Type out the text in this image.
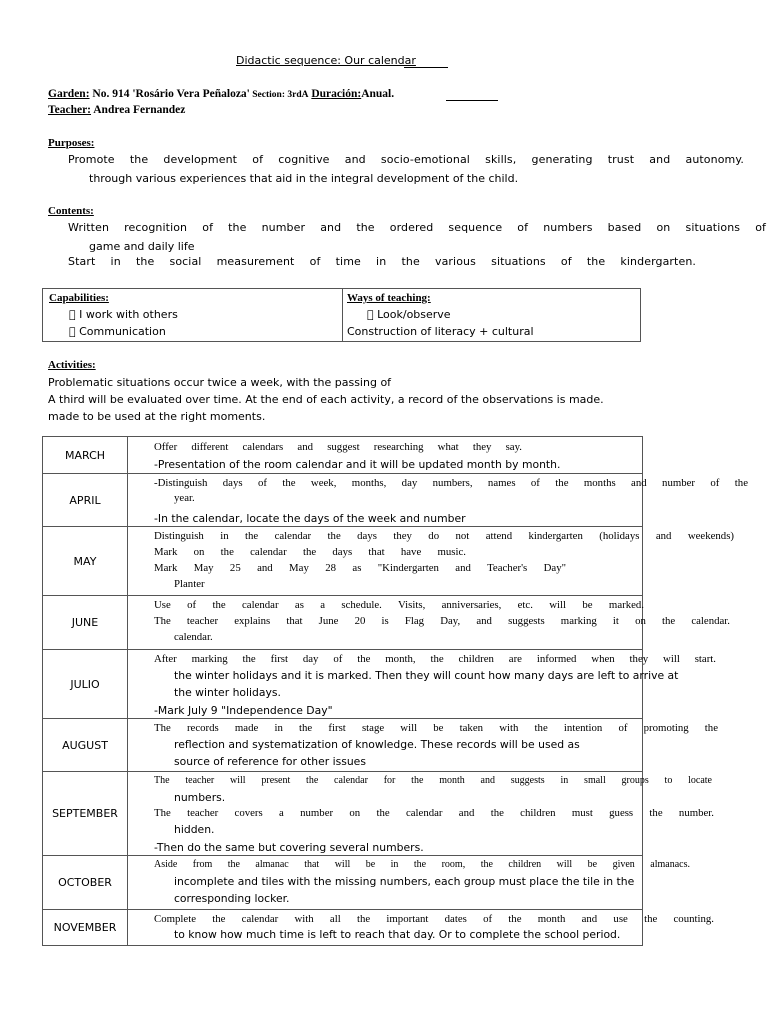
Didactic sequence: Our calendar
Garden: No. 914 'Rosário Vera Peñaloza' Section: 3rdA Duración:Anual.
Teacher: Andrea Fernandez
Purposes:
Promote the development of cognitive and socio-emotional skills, generating trust and autonomy.
through various experiences that aid in the integral development of the child.
Contents:
Written recognition of the number and the ordered sequence of numbers based on situations of
game and daily life
Start in the social measurement of time in the various situations of the kindergarten.
Capabilities:
I work with others
Communication
Ways of teaching:
Look/observe
Construction of literacy + cultural
Activities:
Problematic situations occur twice a week, with the passing of
A third will be evaluated over time. At the end of each activity, a record of the observations is made.
made to be used at the right moments.
MARCH	Offer different calendars and suggest researching what they say.
-Presentation of the room calendar and it will be updated month by month.

APRIL	-Distinguish days of the week, months, day numbers, names of the months and number of the
year.
-In the calendar, locate the days of the week and number

MAY	Distinguish in the calendar the days they do not attend kindergarten (holidays and weekends)
Mark on the calendar the days that have music.
Mark May 25 and May 28 as "Kindergarten and Teacher's Day"
Planter

JUNE	Use of the calendar as a schedule. Visits, anniversaries, etc. will be marked.
The teacher explains that June 20 is Flag Day, and suggests marking it on the calendar.
calendar.

JULIO	After marking the first day of the month, the children are informed when they will start.
the winter holidays and it is marked. Then they will count how many days are left to arrive at
the winter holidays.
-Mark July 9 "Independence Day"

AUGUST	The records made in the first stage will be taken with the intention of promoting the
reflection and systematization of knowledge. These records will be used as
source of reference for other issues

SEPTEMBER	The teacher will present the calendar for the month and suggests in small groups to locate
numbers.
The teacher covers a number on the calendar and the children must guess the number.
hidden.
-Then do the same but covering several numbers.

OCTOBER	Aside from the almanac that will be in the room, the children will be given almanacs.
incomplete and tiles with the missing numbers, each group must place the tile in the
corresponding locker.

NOVEMBER	Complete the calendar with all the important dates of the month and use the counting.
to know how much time is left to reach that day. Or to complete the school period.
